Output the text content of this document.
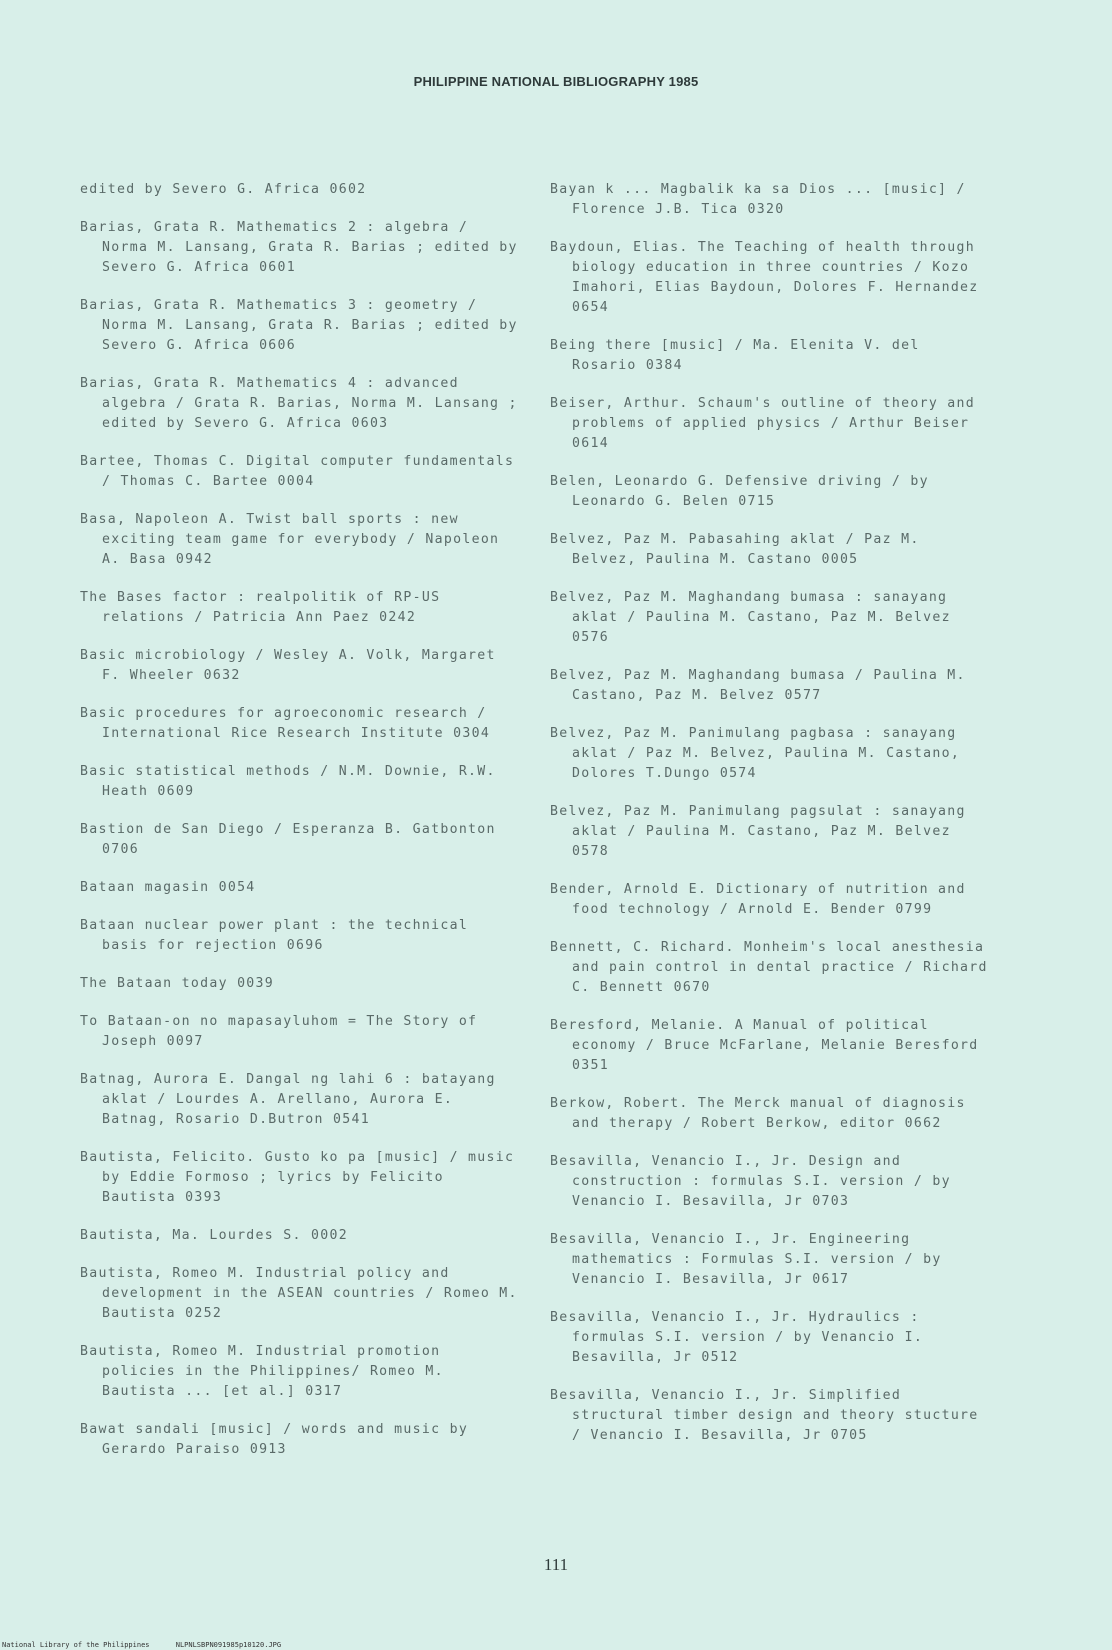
PHILIPPINE NATIONAL BIBLIOGRAPHY 1985
edited by Severo G. Africa 0602
Barias, Grata R. Mathematics 2 : algebra / Norma M. Lansang, Grata R. Barias ; edited by Severo G. Africa 0601
Barias, Grata R. Mathematics 3 : geometry / Norma M. Lansang, Grata R. Barias ; edited by Severo G. Africa 0606
Barias, Grata R. Mathematics 4 : advanced algebra / Grata R. Barias, Norma M. Lansang ; edited by Severo G. Africa 0603
Bartee, Thomas C. Digital computer fundamentals / Thomas C. Bartee 0004
Basa, Napoleon A. Twist ball sports : new exciting team game for everybody / Napoleon A. Basa 0942
The Bases factor : realpolitik of RP-US relations / Patricia Ann Paez 0242
Basic microbiology / Wesley A. Volk, Margaret F. Wheeler 0632
Basic procedures for agroeconomic research / International Rice Research Institute 0304
Basic statistical methods / N.M. Downie, R.W. Heath 0609
Bastion de San Diego / Esperanza B. Gatbonton 0706
Bataan magasin 0054
Bataan nuclear power plant : the technical basis for rejection 0696
The Bataan today 0039
To Bataan-on no mapasayluhom = The Story of Joseph 0097
Batnag, Aurora E. Dangal ng lahi 6 : batayang aklat / Lourdes A. Arellano, Aurora E. Batnag, Rosario D.Butron 0541
Bautista, Felicito. Gusto ko pa [music] / music by Eddie Formoso ; lyrics by Felicito Bautista 0393
Bautista, Ma. Lourdes S. 0002
Bautista, Romeo M. Industrial policy and development in the ASEAN countries / Romeo M. Bautista 0252
Bautista, Romeo M. Industrial promotion policies in the Philippines/ Romeo M. Bautista ... [et al.] 0317
Bawat sandali [music] / words and music by Gerardo Paraiso 0913
Bayan k ... Magbalik ka sa Dios ... [music] / Florence J.B. Tica 0320
Baydoun, Elias. The Teaching of health through biology education in three countries / Kozo Imahori, Elias Baydoun, Dolores F. Hernandez 0654
Being there [music] / Ma. Elenita V. del Rosario 0384
Beiser, Arthur. Schaum's outline of theory and problems of applied physics / Arthur Beiser 0614
Belen, Leonardo G. Defensive driving / by Leonardo G. Belen 0715
Belvez, Paz M. Pabasahing aklat / Paz M. Belvez, Paulina M. Castano 0005
Belvez, Paz M. Maghandang bumasa : sanayang aklat / Paulina M. Castano, Paz M. Belvez 0576
Belvez, Paz M. Maghandang bumasa / Paulina M. Castano, Paz M. Belvez 0577
Belvez, Paz M. Panimulang pagbasa : sanayang aklat / Paz M. Belvez, Paulina M. Castano, Dolores T.Dungo 0574
Belvez, Paz M. Panimulang pagsulat : sanayang aklat / Paulina M. Castano, Paz M. Belvez 0578
Bender, Arnold E. Dictionary of nutrition and food technology / Arnold E. Bender 0799
Bennett, C. Richard. Monheim's local anesthesia and pain control in dental practice / Richard C. Bennett 0670
Beresford, Melanie. A Manual of political economy / Bruce McFarlane, Melanie Beresford 0351
Berkow, Robert. The Merck manual of diagnosis and therapy / Robert Berkow, editor 0662
Besavilla, Venancio I., Jr. Design and construction : formulas S.I. version / by Venancio I. Besavilla, Jr 0703
Besavilla, Venancio I., Jr. Engineering mathematics : Formulas S.I. version / by Venancio I. Besavilla, Jr 0617
Besavilla, Venancio I., Jr. Hydraulics : formulas S.I. version / by Venancio I. Besavilla, Jr 0512
Besavilla, Venancio I., Jr. Simplified structural timber design and theory stucture / Venancio I. Besavilla, Jr 0705
111
National Library of the Philippines	NLPNLSBPN091985p10120.JPG
